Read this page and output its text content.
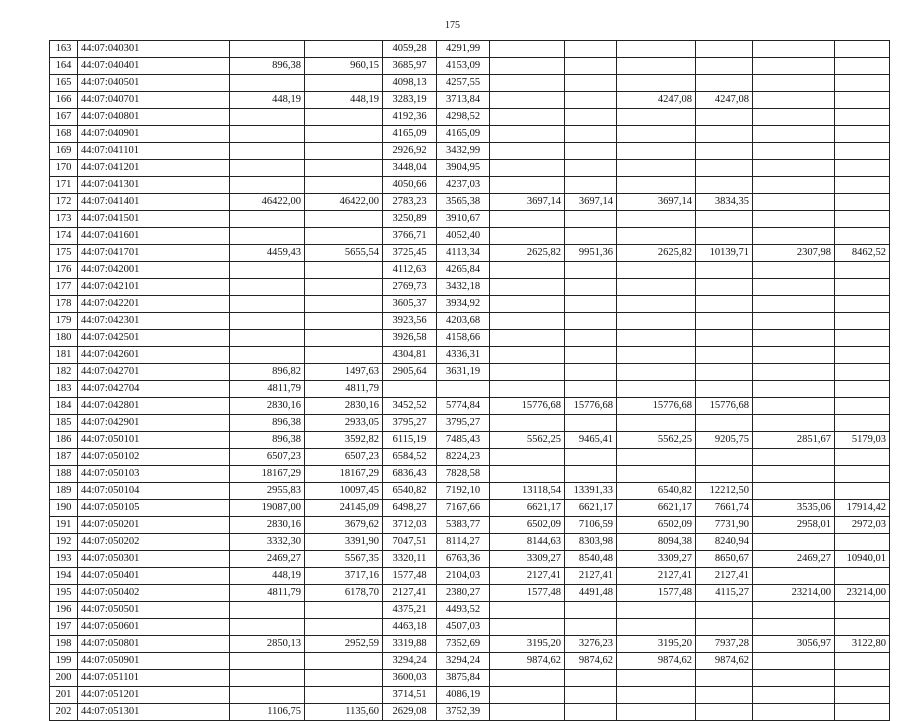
175
163	44:07:040301			4059,28	4291,99						
164	44:07:040401	896,38	960,15	3685,97	4153,09						
165	44:07:040501			4098,13	4257,55						
166	44:07:040701	448,19	448,19	3283,19	3713,84			4247,08	4247,08		
167	44:07:040801			4192,36	4298,52						
168	44:07:040901			4165,09	4165,09						
169	44:07:041101			2926,92	3432,99						
170	44:07:041201			3448,04	3904,95						
171	44:07:041301			4050,66	4237,03						
172	44:07:041401	46422,00	46422,00	2783,23	3565,38	3697,14	3697,14	3697,14	3834,35		
173	44:07:041501			3250,89	3910,67						
174	44:07:041601			3766,71	4052,40						
175	44:07:041701	4459,43	5655,54	3725,45	4113,34	2625,82	9951,36	2625,82	10139,71	2307,98	8462,52
176	44:07:042001			4112,63	4265,84						
177	44:07:042101			2769,73	3432,18						
178	44:07:042201			3605,37	3934,92						
179	44:07:042301			3923,56	4203,68						
180	44:07:042501			3926,58	4158,66						
181	44:07:042601			4304,81	4336,31						
182	44:07:042701	896,82	1497,63	2905,64	3631,19						
183	44:07:042704	4811,79	4811,79								
184	44:07:042801	2830,16	2830,16	3452,52	5774,84	15776,68	15776,68	15776,68	15776,68		
185	44:07:042901	896,38	2933,05	3795,27	3795,27						
186	44:07:050101	896,38	3592,82	6115,19	7485,43	5562,25	9465,41	5562,25	9205,75	2851,67	5179,03
187	44:07:050102	6507,23	6507,23	6584,52	8224,23						
188	44:07:050103	18167,29	18167,29	6836,43	7828,58						
189	44:07:050104	2955,83	10097,45	6540,82	7192,10	13118,54	13391,33	6540,82	12212,50		
190	44:07:050105	19087,00	24145,09	6498,27	7167,66	6621,17	6621,17	6621,17	7661,74	3535,06	17914,42
191	44:07:050201	2830,16	3679,62	3712,03	5383,77	6502,09	7106,59	6502,09	7731,90	2958,01	2972,03
192	44:07:050202	3332,30	3391,90	7047,51	8114,27	8144,63	8303,98	8094,38	8240,94		
193	44:07:050301	2469,27	5567,35	3320,11	6763,36	3309,27	8540,48	3309,27	8650,67	2469,27	10940,01
194	44:07:050401	448,19	3717,16	1577,48	2104,03	2127,41	2127,41	2127,41	2127,41		
195	44:07:050402	4811,79	6178,70	2127,41	2380,27	1577,48	4491,48	1577,48	4115,27	23214,00	23214,00
196	44:07:050501			4375,21	4493,52						
197	44:07:050601			4463,18	4507,03						
198	44:07:050801	2850,13	2952,59	3319,88	7352,69	3195,20	3276,23	3195,20	7937,28	3056,97	3122,80
199	44:07:050901			3294,24	3294,24	9874,62	9874,62	9874,62	9874,62		
200	44:07:051101			3600,03	3875,84						
201	44:07:051201			3714,51	4086,19						
202	44:07:051301	1106,75	1135,60	2629,08	3752,39						
